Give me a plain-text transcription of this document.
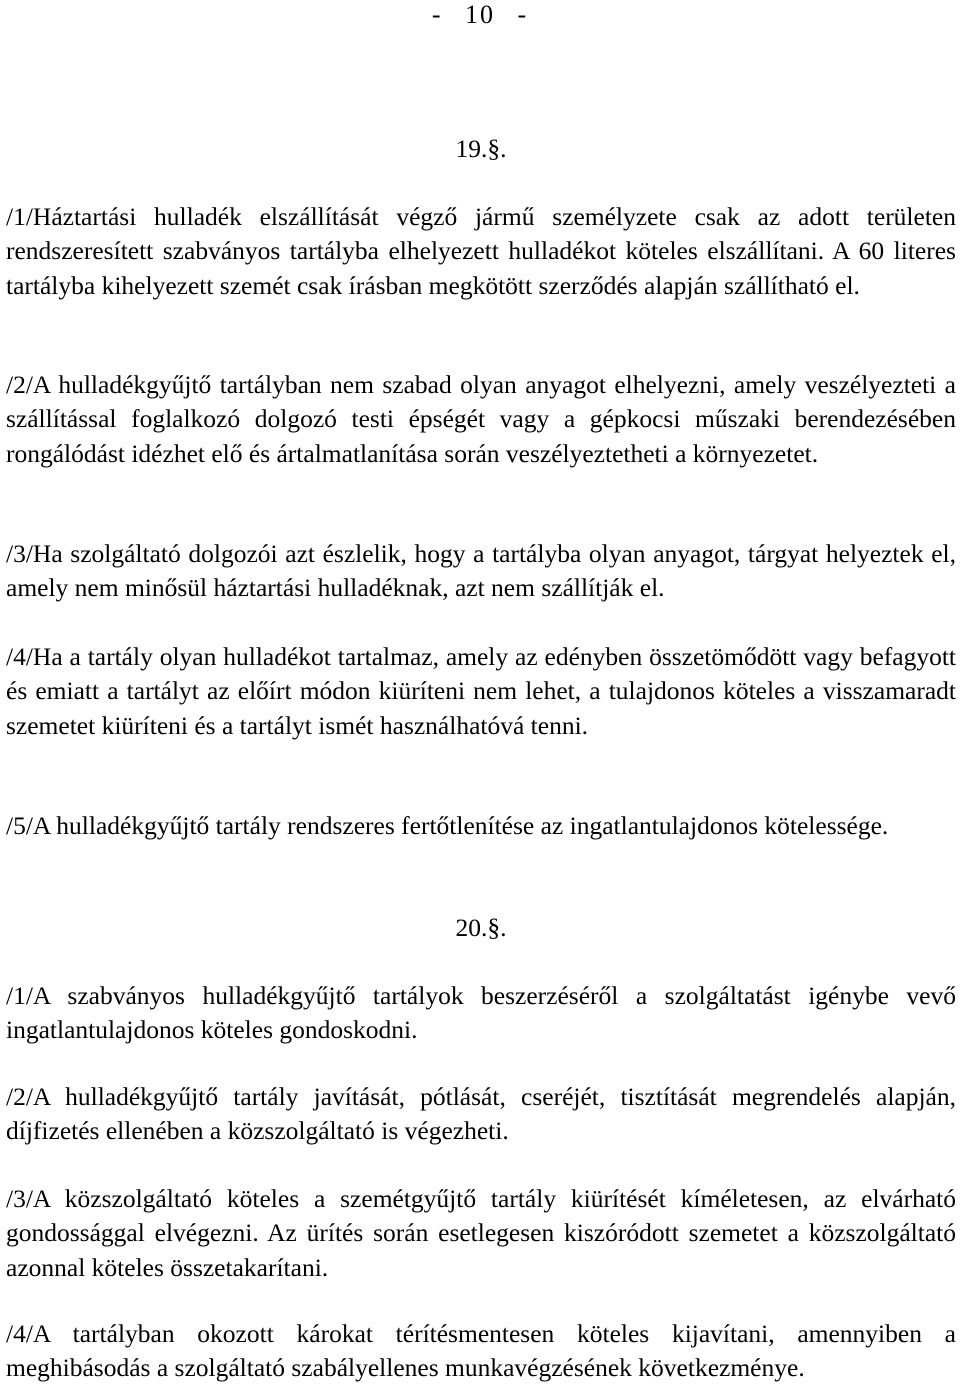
- 10 -

19.§.

/1/Háztartási hulladék elszállítását végző jármű személyzete csak az adott területen rendszeresített szabványos tartályba elhelyezett hulladékot köteles elszállítani. A 60 literes tartályba kihelyezett szemét csak írásban megkötött szerződés alapján szállítható el.

/2/A hulladékgyűjtő tartályban nem szabad olyan anyagot elhelyezni, amely veszélyezteti a szállítással foglalkozó dolgozó testi épségét vagy a gépkocsi műszaki berendezésében rongálódást idézhet elő és ártalmatlanítása során veszélyeztetheti a környezetet.

/3/Ha szolgáltató dolgozói azt észlelik, hogy a tartályba olyan anyagot, tárgyat helyeztek el, amely nem minősül háztartási hulladéknak, azt nem szállítják el.

/4/Ha a tartály olyan hulladékot tartalmaz, amely az edényben összetömődött vagy befagyott és emiatt a tartályt az előírt módon kiüríteni nem lehet, a tulajdonos köteles a visszamaradt szemetet kiüríteni és a tartályt ismét használhatóvá tenni.

/5/A hulladékgyűjtő tartály rendszeres fertőtlenítése az ingatlantulajdonos kötelessége.

20.§.

/1/A szabványos hulladékgyűjtő tartályok beszerzéséről a szolgáltatást igénybe vevő ingatlantulajdonos köteles gondoskodni.

/2/A hulladékgyűjtő tartály javítását, pótlását, cseréjét, tisztítását megrendelés alapján, díjfizetés ellenében a közszolgáltató is végezheti.

/3/A közszolgáltató köteles a szemétgyűjtő tartály kiürítését kíméletesen, az elvárható gondossággal elvégezni. Az ürítés során esetlegesen kiszóródott szemetet a közszolgáltató azonnal köteles összetakarítani.

/4/A tartályban okozott károkat térítésmentesen köteles kijavítani, amennyiben a meghibásodás a szolgáltató szabályellenes munkavégzésének következménye.
